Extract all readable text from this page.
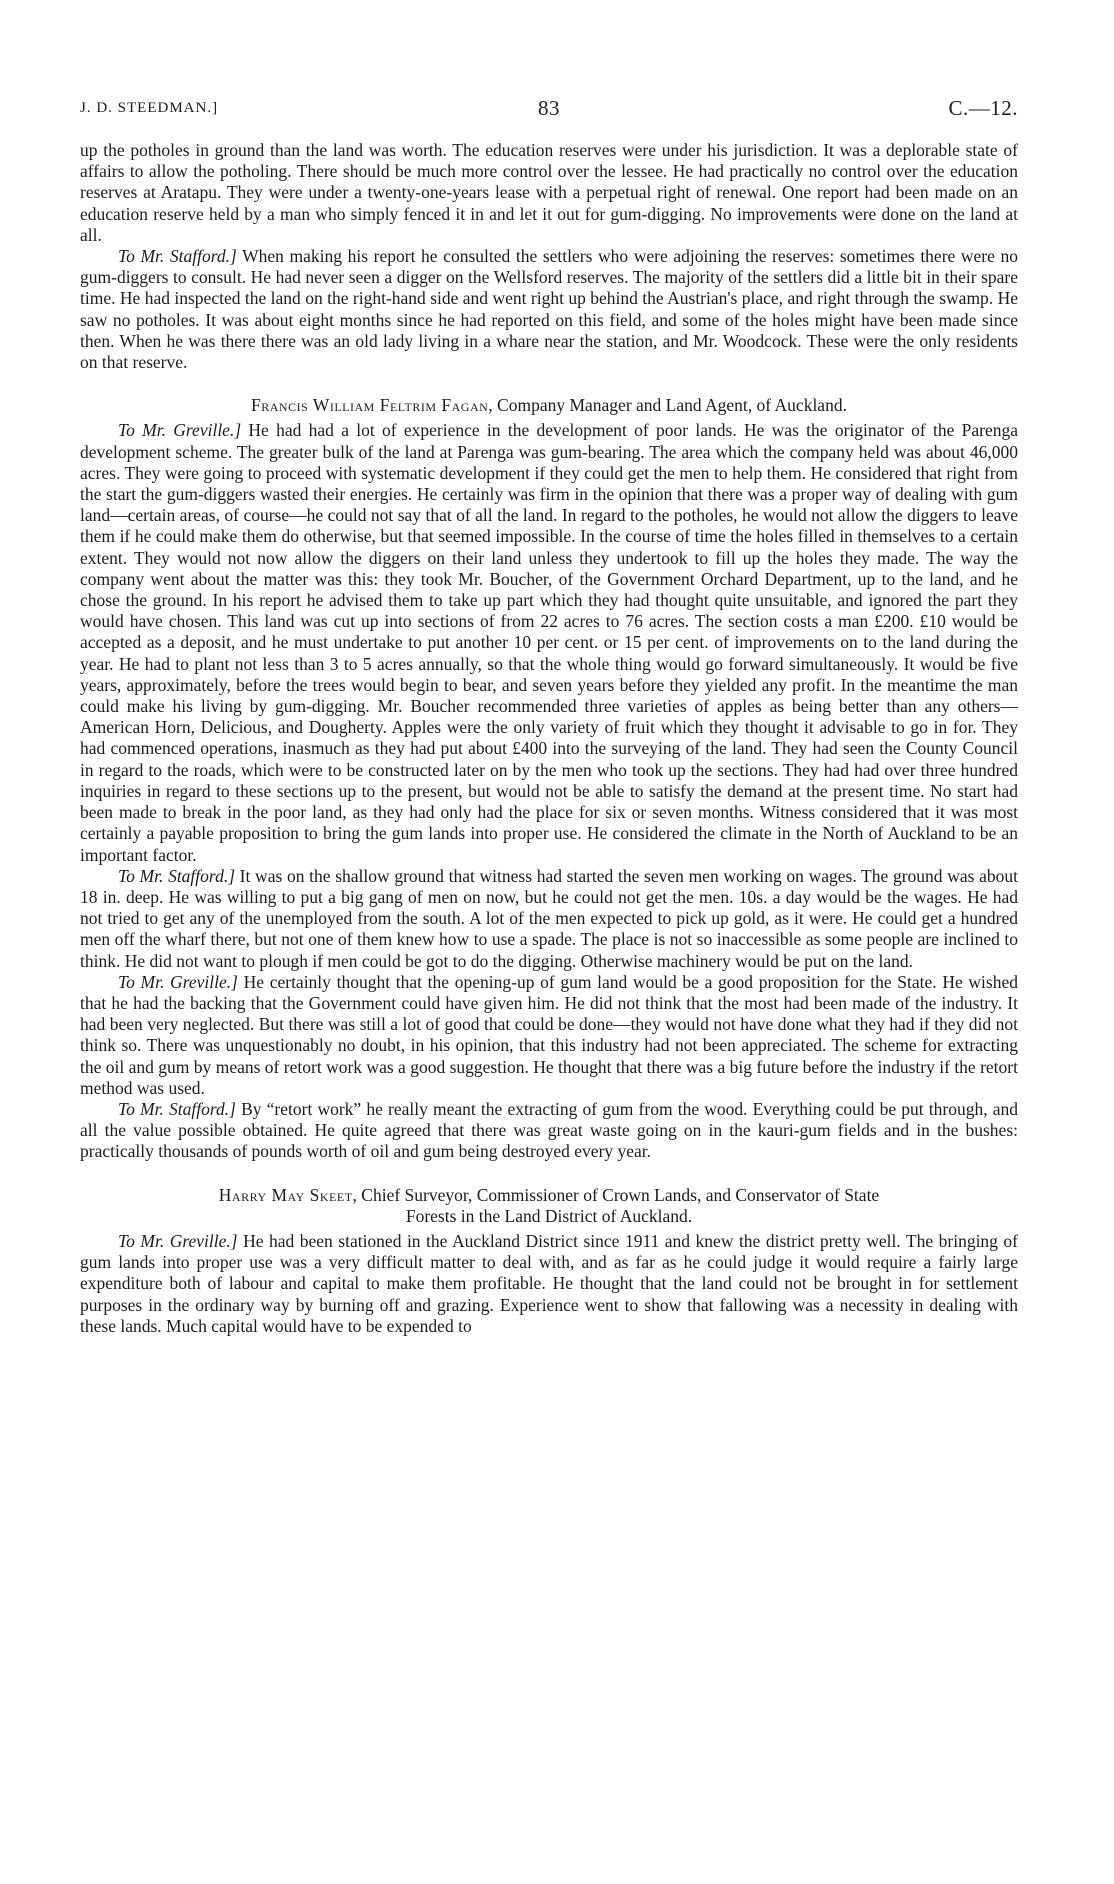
J. D. STEEDMAN.]	83	C.—12.

up the potholes in ground than the land was worth. The education reserves were under his jurisdiction. It was a deplorable state of affairs to allow the potholing. There should be much more control over the lessee. He had practically no control over the education reserves at Aratapu. They were under a twenty-one-years lease with a perpetual right of renewal. One report had been made on an education reserve held by a man who simply fenced it in and let it out for gum-digging. No improvements were done on the land at all.

To Mr. Stafford.] When making his report he consulted the settlers who were adjoining the reserves: sometimes there were no gum-diggers to consult. He had never seen a digger on the Wellsford reserves. The majority of the settlers did a little bit in their spare time. He had inspected the land on the right-hand side and went right up behind the Austrian's place, and right through the swamp. He saw no potholes. It was about eight months since he had reported on this field, and some of the holes might have been made since then. When he was there there was an old lady living in a whare near the station, and Mr. Woodcock. These were the only residents on that reserve.

Francis William Feltrim Fagan, Company Manager and Land Agent, of Auckland.

To Mr. Greville.] He had had a lot of experience in the development of poor lands. He was the originator of the Parenga development scheme. The greater bulk of the land at Parenga was gum-bearing. The area which the company held was about 46,000 acres. They were going to proceed with systematic development if they could get the men to help them. He considered that right from the start the gum-diggers wasted their energies. He certainly was firm in the opinion that there was a proper way of dealing with gum land—certain areas, of course—he could not say that of all the land. In regard to the potholes, he would not allow the diggers to leave them if he could make them do otherwise, but that seemed impossible. In the course of time the holes filled in themselves to a certain extent. They would not now allow the diggers on their land unless they undertook to fill up the holes they made. The way the company went about the matter was this: they took Mr. Boucher, of the Government Orchard Department, up to the land, and he chose the ground. In his report he advised them to take up part which they had thought quite unsuitable, and ignored the part they would have chosen. This land was cut up into sections of from 22 acres to 76 acres. The section costs a man £200. £10 would be accepted as a deposit, and he must undertake to put another 10 per cent. or 15 per cent. of improvements on to the land during the year. He had to plant not less than 3 to 5 acres annually, so that the whole thing would go forward simultaneously. It would be five years, approximately, before the trees would begin to bear, and seven years before they yielded any profit. In the meantime the man could make his living by gum-digging. Mr. Boucher recommended three varieties of apples as being better than any others—American Horn, Delicious, and Dougherty. Apples were the only variety of fruit which they thought it advisable to go in for. They had commenced operations, inasmuch as they had put about £400 into the surveying of the land. They had seen the County Council in regard to the roads, which were to be constructed later on by the men who took up the sections. They had had over three hundred inquiries in regard to these sections up to the present, but would not be able to satisfy the demand at the present time. No start had been made to break in the poor land, as they had only had the place for six or seven months. Witness considered that it was most certainly a payable proposition to bring the gum lands into proper use. He considered the climate in the North of Auckland to be an important factor.

To Mr. Stafford.] It was on the shallow ground that witness had started the seven men working on wages. The ground was about 18 in. deep. He was willing to put a big gang of men on now, but he could not get the men. 10s. a day would be the wages. He had not tried to get any of the unemployed from the south. A lot of the men expected to pick up gold, as it were. He could get a hundred men off the wharf there, but not one of them knew how to use a spade. The place is not so inaccessible as some people are inclined to think. He did not want to plough if men could be got to do the digging. Otherwise machinery would be put on the land.

To Mr. Greville.] He certainly thought that the opening-up of gum land would be a good proposition for the State. He wished that he had the backing that the Government could have given him. He did not think that the most had been made of the industry. It had been very neglected. But there was still a lot of good that could be done—they would not have done what they had if they did not think so. There was unquestionably no doubt, in his opinion, that this industry had not been appreciated. The scheme for extracting the oil and gum by means of retort work was a good suggestion. He thought that there was a big future before the industry if the retort method was used.

To Mr. Stafford.] By “retort work” he really meant the extracting of gum from the wood. Everything could be put through, and all the value possible obtained. He quite agreed that there was great waste going on in the kauri-gum fields and in the bushes: practically thousands of pounds worth of oil and gum being destroyed every year.

Harry May Skeet, Chief Surveyor, Commissioner of Crown Lands, and Conservator of State
Forests in the Land District of Auckland.

To Mr. Greville.] He had been stationed in the Auckland District since 1911 and knew the district pretty well. The bringing of gum lands into proper use was a very difficult matter to deal with, and as far as he could judge it would require a fairly large expenditure both of labour and capital to make them profitable. He thought that the land could not be brought in for settlement purposes in the ordinary way by burning off and grazing. Experience went to show that fallowing was a necessity in dealing with these lands. Much capital would have to be expended to
